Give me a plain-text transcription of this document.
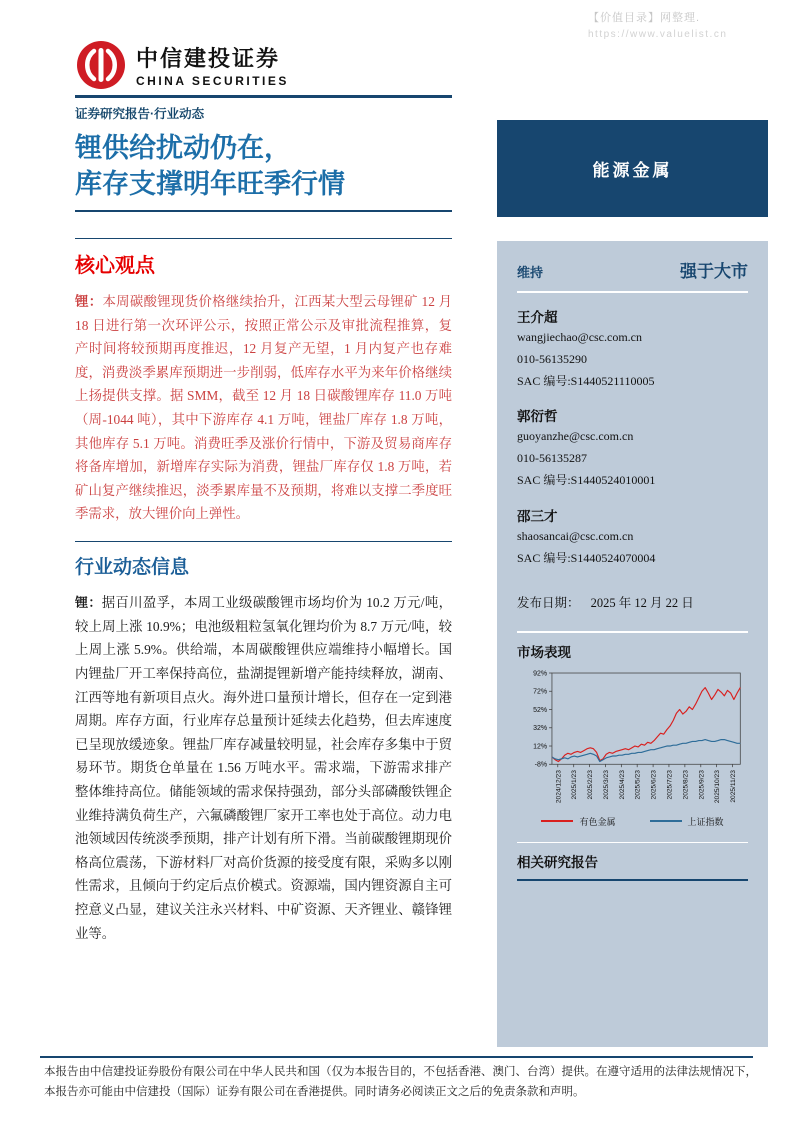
【价值目录】网整理.
https://www.valuelist.cn
中信建投证券
CHINA SECURITIES
证券研究报告·行业动态
锂供给扰动仍在，
库存支撑明年旺季行情
核心观点

锂：本周碳酸锂现货价格继续抬升，江西某大型云母锂矿 12 月 18 日进行第一次环评公示，按照正常公示及审批流程推算，复产时间将较预期再度推迟，12 月复产无望，1 月内复产也存难度，消费淡季累库预期进一步削弱，低库存水平为来年价格继续上扬提供支撑。据 SMM，截至 12 月 18 日碳酸锂库存 11.0 万吨（周-1044 吨），其中下游库存 4.1 万吨，锂盐厂库存 1.8 万吨，其他库存 5.1 万吨。消费旺季及涨价行情中，下游及贸易商库存将备库增加，新增库存实际为消费，锂盐厂库存仅 1.8 万吨，若矿山复产继续推迟，淡季累库量不及预期，将难以支撑二季度旺季需求，放大锂价向上弹性。

行业动态信息

锂：据百川盈孚，本周工业级碳酸锂市场均价为 10.2 万元/吨，较上周上涨 10.9%；电池级粗粒氢氧化锂均价为 8.7 万元/吨，较上周上涨 5.9%。供给端，本周碳酸锂供应端维持小幅增长。国内锂盐厂开工率保持高位，盐湖提锂新增产能持续释放，湖南、江西等地有新项目点火。海外进口量预计增长，但存在一定到港周期。库存方面，行业库存总量预计延续去化趋势，但去库速度已呈现放缓迹象。锂盐厂库存减量较明显，社会库存多集中于贸易环节。期货仓单量在 1.56 万吨水平。需求端，下游需求排产整体维持高位。储能领域的需求保持强劲，部分头部磷酸铁锂企业维持满负荷生产，六氟磷酸锂厂家开工率也处于高位。动力电池领域因传统淡季预期，排产计划有所下滑。当前碳酸锂期现价格高位震荡，下游材料厂对高价货源的接受度有限，采购多以刚性需求，且倾向于约定后点价模式。资源端，国内锂资源自主可控意义凸显，建议关注永兴材料、中矿资源、天齐锂业、赣锋锂业等。

能源金属
维持	强于大市
王介超
wangjiechao@csc.com.cn
010-56135290
SAC 编号:S1440521110005
郭衍哲
guoyanzhe@csc.com.cn
010-56135287
SAC 编号:S1440524010001
邵三才
shaosancai@csc.com.cn
SAC 编号:S1440524070004
发布日期： 2025 年 12 月 22 日
市场表现
92%
72%
52%
32%
12%
-8%
2024/12/23 2025/1/23 2025/2/23 2025/3/23 2025/4/23 2025/5/23 2025/6/23 2025/7/23 2025/8/23 2025/9/23 2025/10/23 2025/11/23
有色金属	上证指数
相关研究报告
本报告由中信建投证券股份有限公司在中华人民共和国（仅为本报告目的，不包括香港、澳门、台湾）提供。在遵守适用的法律法规情况下，
本报告亦可能由中信建投（国际）证券有限公司在香港提供。同时请务必阅读正文之后的免责条款和声明。
